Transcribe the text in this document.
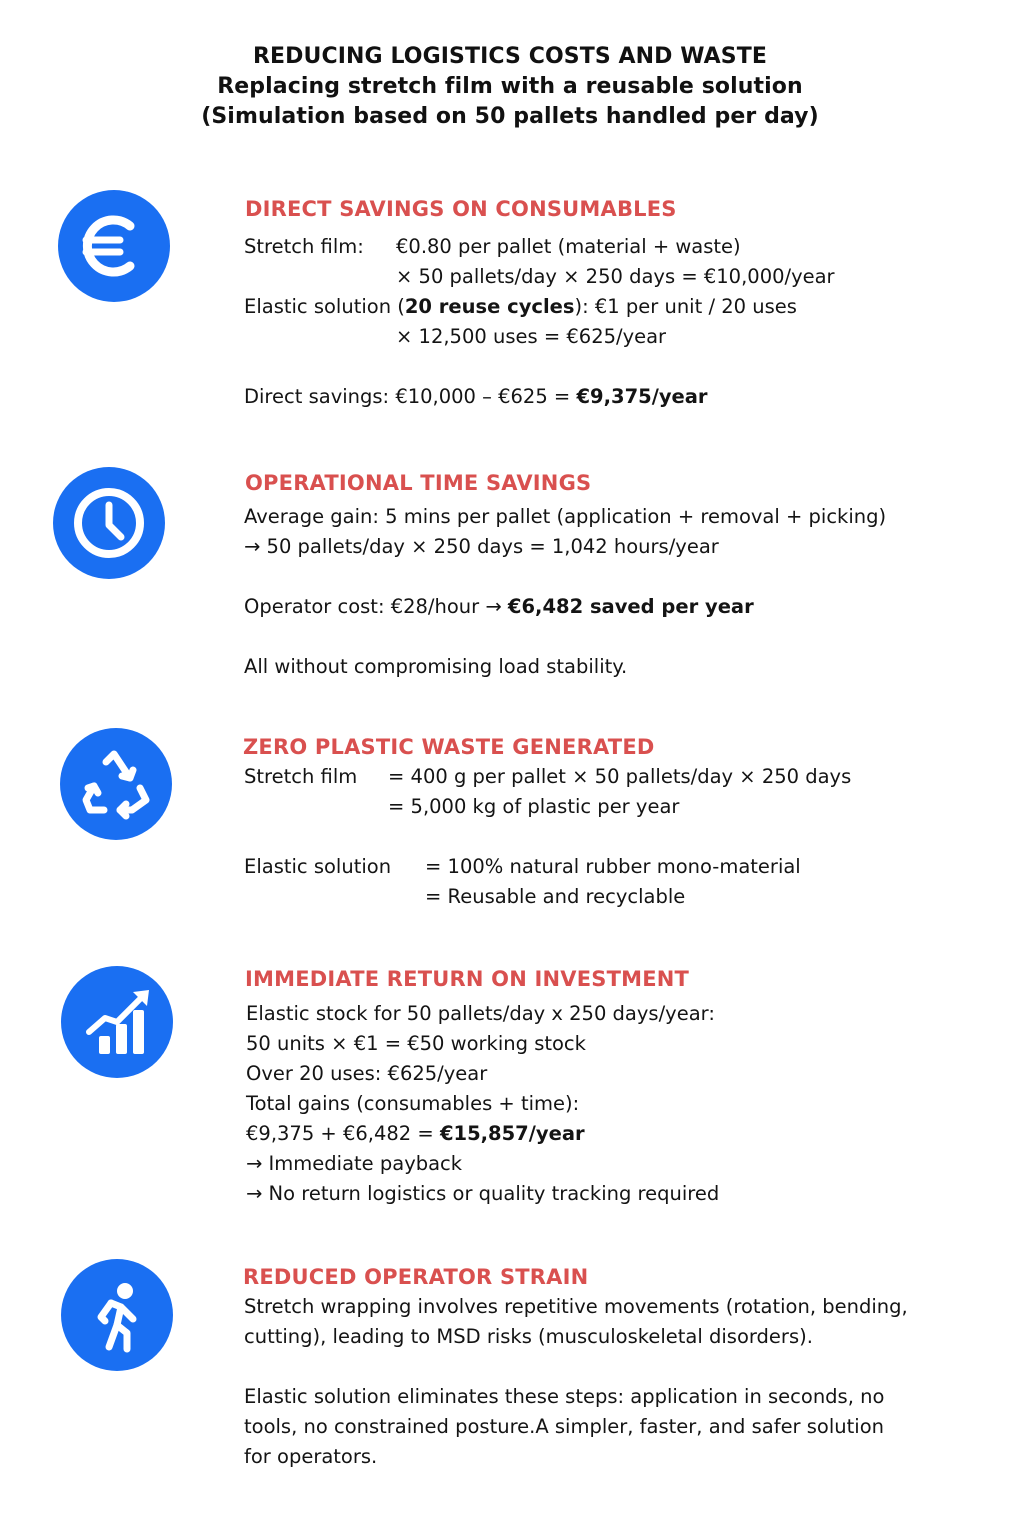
REDUCING LOGISTICS COSTS AND WASTE
Replacing stretch film with a reusable solution
(Simulation based on 50 pallets handled per day)
DIRECT SAVINGS ON CONSUMABLES
Stretch film: €0.80 per pallet (material + waste)
× 50 pallets/day × 250 days = €10,000/year
Elastic solution (20 reuse cycles): €1 per unit / 20 uses
× 12,500 uses = €625/year
Direct savings: €10,000 – €625 = €9,375/year
OPERATIONAL TIME SAVINGS
Average gain: 5 mins per pallet (application + removal + picking)
→ 50 pallets/day × 250 days = 1,042 hours/year
Operator cost: €28/hour → €6,482 saved per year
All without compromising load stability.
ZERO PLASTIC WASTE GENERATED
Stretch film = 400 g per pallet × 50 pallets/day × 250 days
= 5,000 kg of plastic per year
Elastic solution = 100% natural rubber mono-material
= Reusable and recyclable
IMMEDIATE RETURN ON INVESTMENT
Elastic stock for 50 pallets/day x 250 days/year:
50 units × €1 = €50 working stock
Over 20 uses: €625/year
Total gains (consumables + time):
€9,375 + €6,482 = €15,857/year
→ Immediate payback
→ No return logistics or quality tracking required
REDUCED OPERATOR STRAIN
Stretch wrapping involves repetitive movements (rotation, bending,
cutting), leading to MSD risks (musculoskeletal disorders).
Elastic solution eliminates these steps: application in seconds, no
tools, no constrained posture.A simpler, faster, and safer solution
for operators.
